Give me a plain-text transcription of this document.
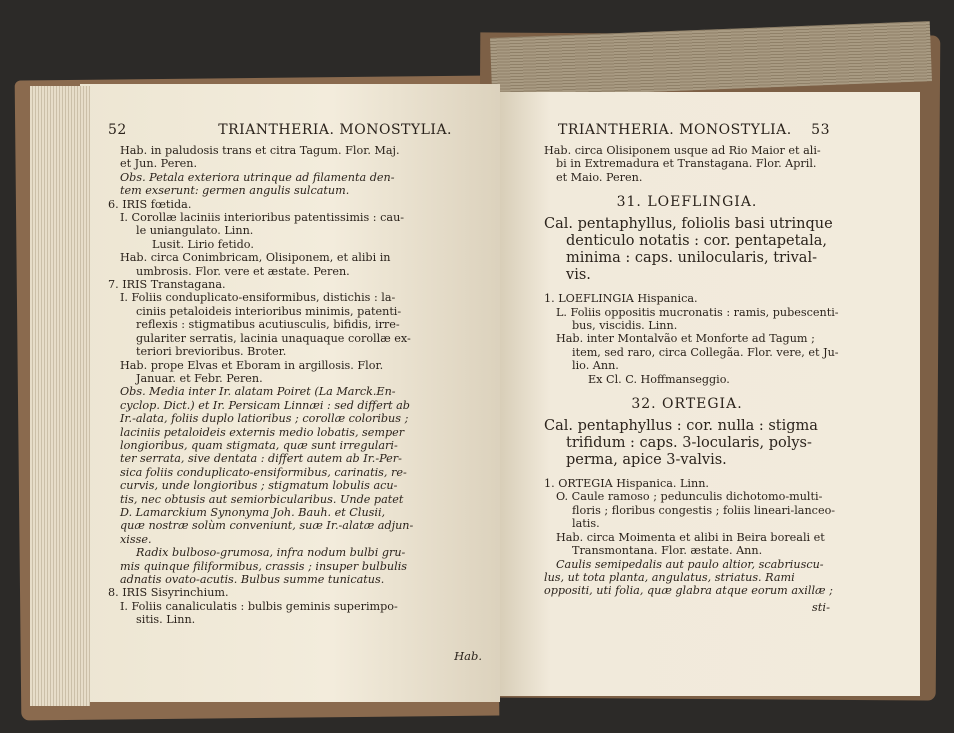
52	TRIANTHERIA. MONOSTYLIA.
Hab. in paludosis trans et citra Tagum. Flor. Maj.
et Jun. Peren.
Obs. Petala exteriora utrinque ad filamenta den-
tem exserunt: germen angulis sulcatum.
6. IRIS fœtida.
I. Corollæ laciniis interioribus patentissimis : cau-
le uniangulato. Linn.
Lusit. Lirio fetido.
Hab. circa Conimbricam, Olisiponem, et alibi in
umbrosis. Flor. vere et æstate. Peren.
7. IRIS Transtagana.
I. Foliis conduplicato-ensiformibus, distichis : la-
ciniis petaloideis interioribus minimis, patenti-
reflexis : stigmatibus acutiusculis, bifidis, irre-
gulariter serratis, lacinia unaquaque corollæ ex-
teriori brevioribus. Broter.
Hab. prope Elvas et Eboram in argillosis. Flor.
Januar. et Febr. Peren.
Obs. Media inter Ir. alatam Poiret (La Marck.En-
cyclop. Dict.) et Ir. Persicam Linnæi : sed differt ab
Ir.-alata, foliis duplo latioribus ; corollæ coloribus ;
laciniis petaloideis externis medio lobatis, semper
longioribus, quam stigmata, quæ sunt irregulari-
ter serrata, sive dentata : differt autem ab Ir.-Per-
sica foliis conduplicato-ensiformibus, carinatis, re-
curvis, unde longioribus ; stigmatum lobulis acu-
tis, nec obtusis aut semiorbicularibus. Unde patet
D. Lamarckium Synonyma Joh. Bauh. et Clusii,
quæ nostræ solùm conveniunt, suæ Ir.-alatæ adjun-
xisse.
Radix bulboso-grumosa, infra nodum bulbi gru-
mis quinque filiformibus, crassis ; insuper bulbulis
adnatis ovato-acutis. Bulbus summe tunicatus.
8. IRIS Sisyrinchium.
I. Foliis canaliculatis : bulbis geminis superimpo-
sitis. Linn.
Hab.
TRIANTHERIA. MONOSTYLIA. 53
Hab. circa Olisiponem usque ad Rio Maior et ali-
bi in Extremadura et Transtagana. Flor. April.
et Maio. Peren.
31. LOEFLINGIA.
Cal. pentaphyllus, foliolis basi utrinque
denticulo notatis : cor. pentapetala,
minima : caps. unilocularis, trival-
vis.
1. LOEFLINGIA Hispanica.
L. Foliis oppositis mucronatis : ramis, pubescenti-
bus, viscidis. Linn.
Hab. inter Montalvão et Monforte ad Tagum ;
item, sed raro, circa Collegãa. Flor. vere, et Ju-
lio. Ann.
Ex Cl. C. Hoffmanseggio.
32. ORTEGIA.
Cal. pentaphyllus : cor. nulla : stigma
trifidum : caps. 3-locularis, polys-
perma, apice 3-valvis.
1. ORTEGIA Hispanica. Linn.
O. Caule ramoso ; pedunculis dichotomo-multi-
floris ; floribus congestis ; foliis lineari-lanceo-
latis.
Hab. circa Moimenta et alibi in Beira boreali et
Transmontana. Flor. æstate. Ann.
Caulis semipedalis aut paulo altior, scabriuscu-
lus, ut tota planta, angulatus, striatus. Rami
oppositi, uti folia, quæ glabra atque eorum axillæ ;
sti-
